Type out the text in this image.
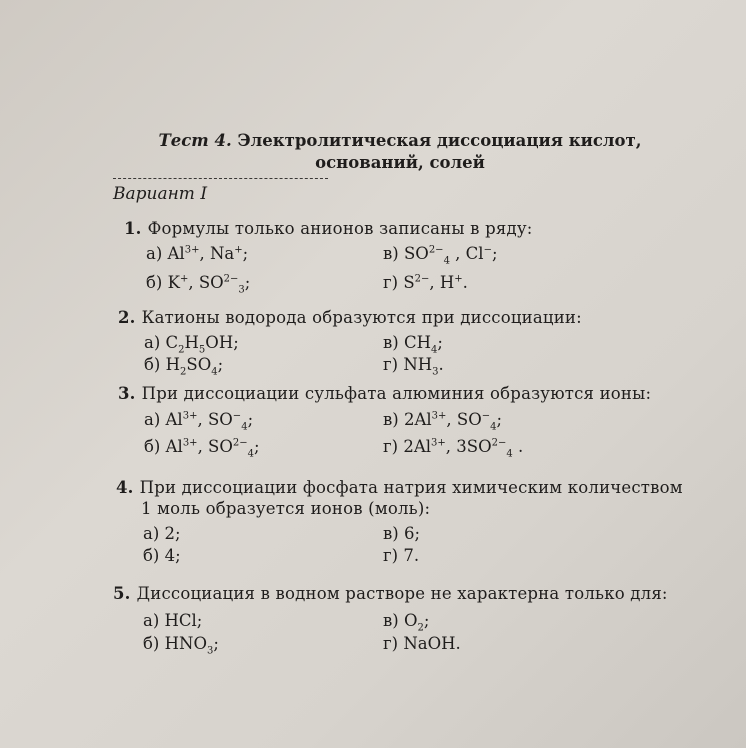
Тест 4. Электролитическая диссоциация кислот,
оснований, солей
Вариант I
1. Формулы только анионов записаны в ряду:
а) $Al^{3+}$, Na+;	в) $SO^{2-}_4$ , Cl−;
б) K+, $SO^{2-}_3$;	г) $S^{2-}$, H+.
2. Катионы водорода образуются при диссоциации:
а) $C_2H_5OH$;	в) $CH_4$;
б) $H_2SO_4$;	г) $NH_3$.
3. При диссоциации сульфата алюминия образуются ионы:
а) $Al^{3+}$, $SO^-_4$;	в) $2Al^{3+}$, $SO^-_4$;
б) $Al^{3+}$, $SO^{2-}_4$;	г) $2Al^{3+}$, $3SO^{2-}_4$ .
4. При диссоциации фосфата натрия химическим количеством
1 моль образуется ионов (моль):
а) 2;	в) 6;
б) 4;	г) 7.
5. Диссоциация в водном растворе не характерна только для:
а) HCl;	в) $O_2$;
б) $HNO_3$;	г) NaOH.
